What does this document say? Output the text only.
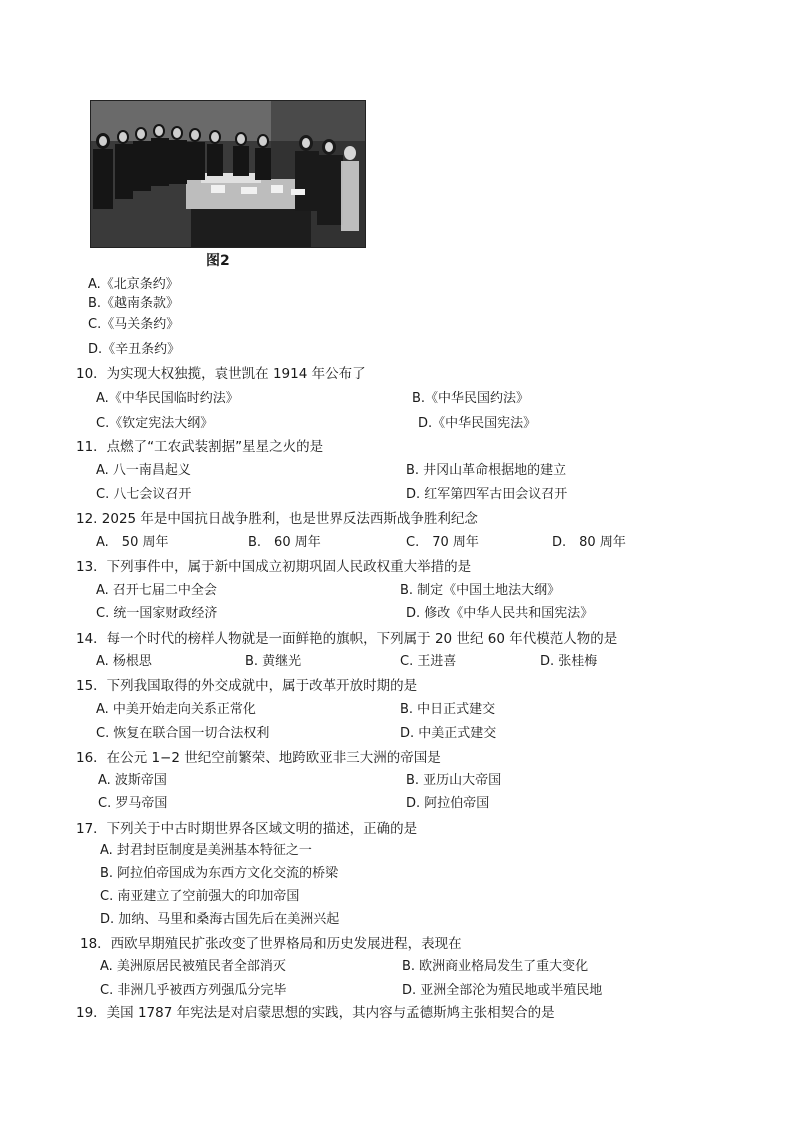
图2
A.《北京条约》
B.《越南条款》
C.《马关条约》
D.《辛丑条约》
10．为实现大权独揽，袁世凯在 1914 年公布了
A.《中华民国临时约法》	B.《中华民国约法》
C.《钦定宪法大纲》	D.《中华民国宪法》
11．点燃了“工农武装割据”星星之火的是
A. 八一南昌起义	B. 井冈山革命根据地的建立
C. 八七会议召开	D. 红军第四军古田会议召开
12. 2025 年是中国抗日战争胜利，也是世界反法西斯战争胜利纪念
A.　50 周年	B.　60 周年	C.　70 周年	D.　80 周年
13．下列事件中，属于新中国成立初期巩固人民政权重大举措的是
A. 召开七届二中全会	B. 制定《中国土地法大纲》
C. 统一国家财政经济	D. 修改《中华人民共和国宪法》
14．每一个时代的榜样人物就是一面鲜艳的旗帜，下列属于 20 世纪 60 年代模范人物的是
A. 杨根思	B. 黄继光	C. 王进喜	D. 张桂梅
15．下列我国取得的外交成就中，属于改革开放时期的是
A. 中美开始走向关系正常化	B. 中日正式建交
C. 恢复在联合国一切合法权利	D. 中美正式建交
16．在公元 1−2 世纪空前繁荣、地跨欧亚非三大洲的帝国是
A. 波斯帝国	B. 亚历山大帝国
C. 罗马帝国	D. 阿拉伯帝国
17．下列关于中古时期世界各区域文明的描述，正确的是
A. 封君封臣制度是美洲基本特征之一
B. 阿拉伯帝国成为东西方文化交流的桥梁
C. 南亚建立了空前强大的印加帝国
D. 加纳、马里和桑海古国先后在美洲兴起
18．西欧早期殖民扩张改变了世界格局和历史发展进程，表现在
A. 美洲原居民被殖民者全部消灭	B. 欧洲商业格局发生了重大变化
C. 非洲几乎被西方列强瓜分完毕	D. 亚洲全部沦为殖民地或半殖民地
19．美国 1787 年宪法是对启蒙思想的实践，其内容与孟德斯鸠主张相契合的是
